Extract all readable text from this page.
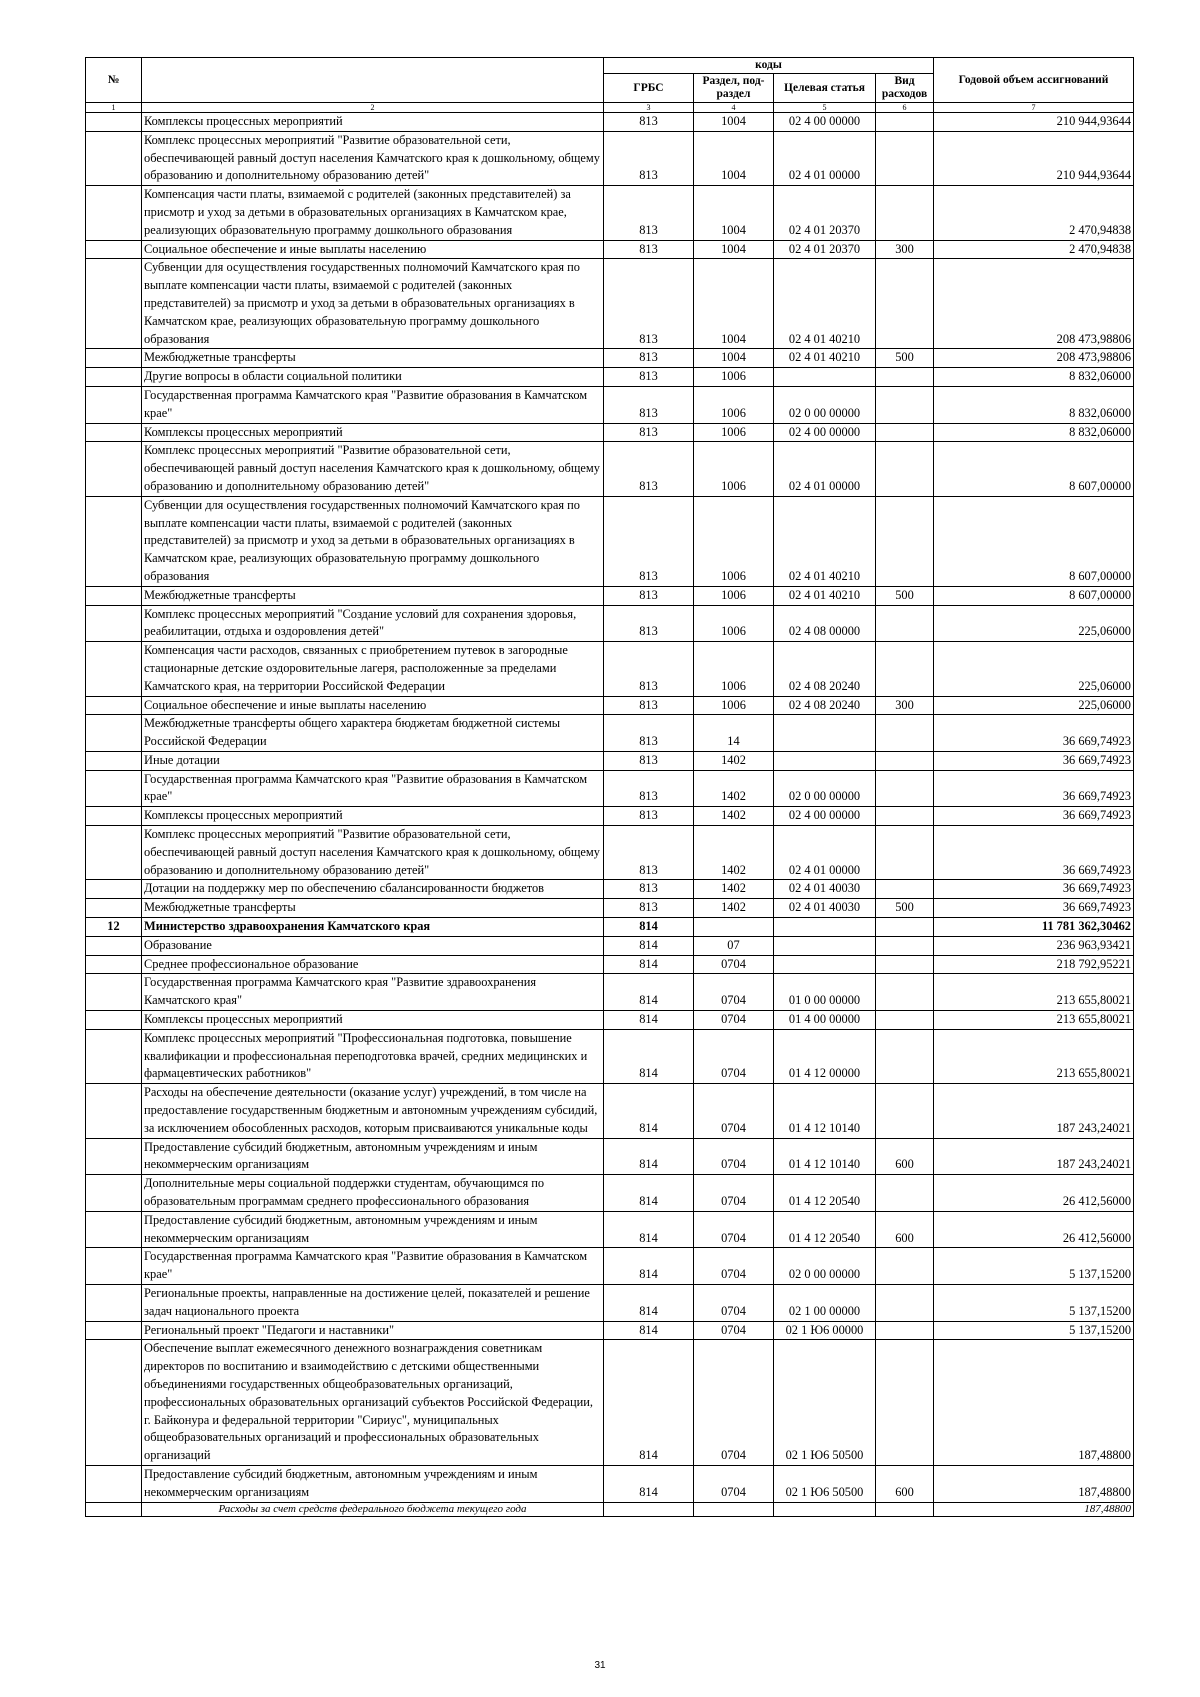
№		коды				Годовой объем ассигнований
		ГРБС	Раздел, под-раздел	Целевая статья	Вид расходов	
1	2	3	4	5	6	7
	Комплексы процессных мероприятий	813	1004	02 4 00 00000		210 944,93644
	Комплекс процессных мероприятий "Развитие образовательной сети, обеспечивающей равный доступ населения Камчатского края к дошкольному, общему образованию и дополнительному образованию детей"	813	1004	02 4 01 00000		210 944,93644
	Компенсация части платы, взимаемой с родителей (законных представителей) за присмотр и уход за детьми в образовательных организациях в Камчатском крае, реализующих образовательную программу дошкольного образования	813	1004	02 4 01 20370		2 470,94838
	Социальное обеспечение и иные выплаты населению	813	1004	02 4 01 20370	300	2 470,94838
	Субвенции для осуществления государственных полномочий Камчатского края по выплате компенсации части платы, взимаемой с родителей (законных представителей) за присмотр и уход за детьми в образовательных организациях в Камчатском крае, реализующих образовательную программу дошкольного образования	813	1004	02 4 01 40210		208 473,98806
	Межбюджетные трансферты	813	1004	02 4 01 40210	500	208 473,98806
	Другие вопросы в области социальной политики	813	1006			8 832,06000
	Государственная программа Камчатского края "Развитие образования в Камчатском крае"	813	1006	02 0 00 00000		8 832,06000
	Комплексы процессных мероприятий	813	1006	02 4 00 00000		8 832,06000
	Комплекс процессных мероприятий "Развитие образовательной сети, обеспечивающей равный доступ населения Камчатского края к дошкольному, общему образованию и дополнительному образованию детей"	813	1006	02 4 01 00000		8 607,00000
	Субвенции для осуществления государственных полномочий Камчатского края по выплате компенсации части платы, взимаемой с родителей (законных представителей) за присмотр и уход за детьми в образовательных организациях в Камчатском крае, реализующих образовательную программу дошкольного образования	813	1006	02 4 01 40210		8 607,00000
	Межбюджетные трансферты	813	1006	02 4 01 40210	500	8 607,00000
	Комплекс процессных мероприятий "Создание условий для сохранения здоровья, реабилитации, отдыха и оздоровления детей"	813	1006	02 4 08 00000		225,06000
	Компенсация части расходов, связанных с приобретением путевок в загородные стационарные детские оздоровительные лагеря, расположенные за пределами Камчатского края, на территории Российской Федерации	813	1006	02 4 08 20240		225,06000
	Социальное обеспечение и иные выплаты населению	813	1006	02 4 08 20240	300	225,06000
	Межбюджетные трансферты общего характера бюджетам бюджетной системы Российской Федерации	813	14			36 669,74923
	Иные дотации	813	1402			36 669,74923
	Государственная программа Камчатского края "Развитие образования в Камчатском крае"	813	1402	02 0 00 00000		36 669,74923
	Комплексы процессных мероприятий	813	1402	02 4 00 00000		36 669,74923
	Комплекс процессных мероприятий "Развитие образовательной сети, обеспечивающей равный доступ населения Камчатского края к дошкольному, общему образованию и дополнительному образованию детей"	813	1402	02 4 01 00000		36 669,74923
	Дотации на поддержку мер по обеспечению сбалансированности бюджетов	813	1402	02 4 01 40030		36 669,74923
	Межбюджетные трансферты	813	1402	02 4 01 40030	500	36 669,74923
12	Министерство здравоохранения Камчатского края	814				11 781 362,30462
	Образование	814	07			236 963,93421
	Среднее профессиональное образование	814	0704			218 792,95221
	Государственная программа Камчатского края "Развитие здравоохранения Камчатского края"	814	0704	01 0 00 00000		213 655,80021
	Комплексы процессных мероприятий	814	0704	01 4 00 00000		213 655,80021
	Комплекс процессных мероприятий "Профессиональная подготовка, повышение квалификации и профессиональная переподготовка врачей, средних медицинских и фармацевтических работников"	814	0704	01 4 12 00000		213 655,80021
	Расходы на обеспечение деятельности (оказание услуг) учреждений, в том числе на предоставление государственным бюджетным и автономным учреждениям субсидий, за исключением обособленных расходов, которым присваиваются уникальные коды	814	0704	01 4 12 10140		187 243,24021
	Предоставление субсидий бюджетным, автономным учреждениям и иным некоммерческим организациям	814	0704	01 4 12 10140	600	187 243,24021
	Дополнительные меры социальной поддержки студентам, обучающимся по образовательным программам среднего профессионального образования	814	0704	01 4 12 20540		26 412,56000
	Предоставление субсидий бюджетным, автономным учреждениям и иным некоммерческим организациям	814	0704	01 4 12 20540	600	26 412,56000
	Государственная программа Камчатского края "Развитие образования в Камчатском крае"	814	0704	02 0 00 00000		5 137,15200
	Региональные проекты, направленные на достижение целей, показателей и решение задач национального проекта	814	0704	02 1 00 00000		5 137,15200
	Региональный проект "Педагоги и наставники"	814	0704	02 1 Ю6 00000		5 137,15200
	Обеспечение выплат ежемесячного денежного вознаграждения советникам директоров по воспитанию и взаимодействию с детскими общественными объединениями государственных общеобразовательных организаций, профессиональных образовательных организаций субъектов Российской Федерации, г. Байконура и федеральной территории "Сириус", муниципальных общеобразовательных организаций и профессиональных образовательных организаций	814	0704	02 1 Ю6 50500		187,48800
	Предоставление субсидий бюджетным, автономным учреждениям и иным некоммерческим организациям	814	0704	02 1 Ю6 50500	600	187,48800
	Расходы за счет средств федерального бюджета текущего года					187,48800
31
